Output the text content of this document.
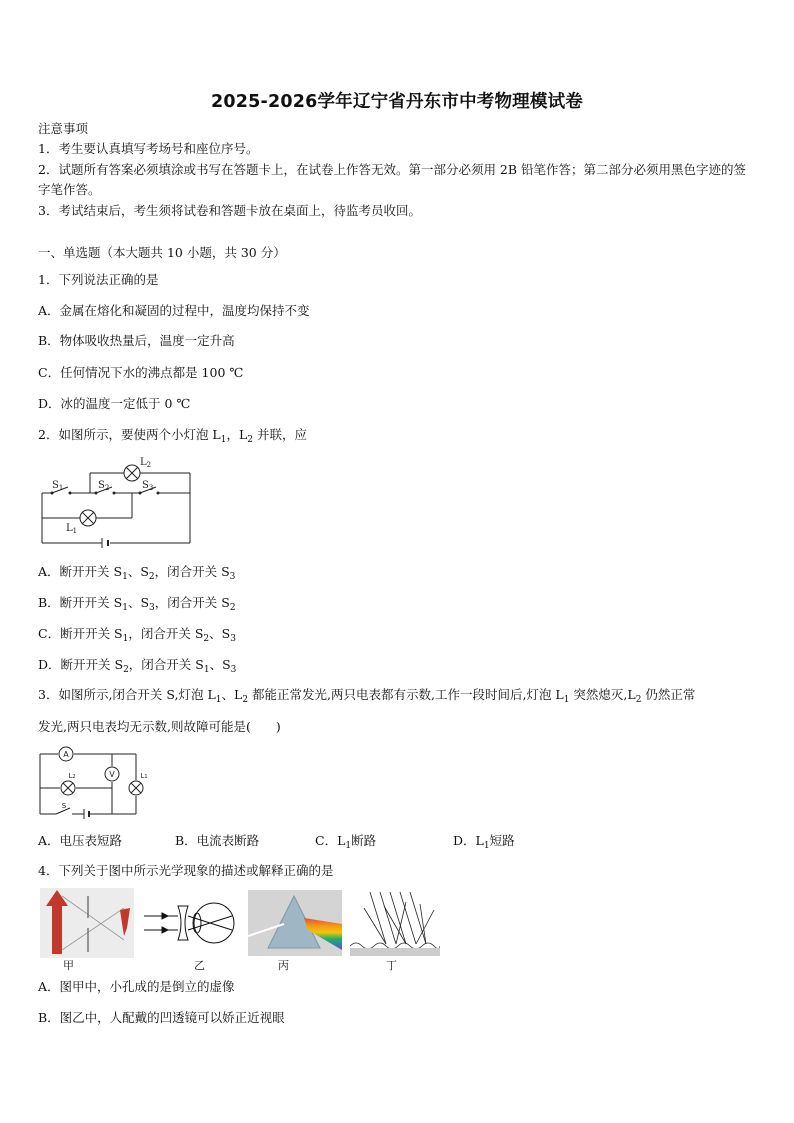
2025-2026学年辽宁省丹东市中考物理模试卷
注意事项
1．考生要认真填写考场号和座位序号。
2．试题所有答案必须填涂或书写在答题卡上，在试卷上作答无效。第一部分必须用 2B 铅笔作答；第二部分必须用黑色字迹的签字笔作答。
3．考试结束后，考生须将试卷和答题卡放在桌面上，待监考员收回。
一、单选题（本大题共 10 小题，共 30 分）
1．下列说法正确的是
A．金属在熔化和凝固的过程中，温度均保持不变
B．物体吸收热量后，温度一定升高
C．任何情况下水的沸点都是 100 ℃
D．冰的温度一定低于 0 ℃
2．如图所示，要使两个小灯泡 $L_1$，$L_2$ 并联，应
$S_1$	$S_2$	$S_3$
$L_2$
$L_1$
A．断开开关 $S_1$、$S_2$，闭合开关 $S_3$
B．断开开关 $S_1$、$S_3$，闭合开关 $S_2$
C．断开开关 $S_1$，闭合开关 $S_2$、$S_3$
D．断开开关 $S_2$，闭合开关 $S_1$、$S_3$
3．如图所示,闭合开关 S,灯泡 $L_1$、$L_2$ 都能正常发光,两只电表都有示数,工作一段时间后,灯泡 $L_1$ 突然熄灭$,L_2$ 仍然正常
发光,两只电表均无示数,则故障可能是(　　)
A
V
L2	L1
S
A．电压表短路	B．电流表断路	C．$L_1$断路	D．$L_1$短路
4．下列关于图中所示光学现象的描述或解释正确的是
甲	乙	丙	丁
A．图甲中，小孔成的是倒立的虚像
B．图乙中，人配戴的凹透镜可以娇正近视眼
